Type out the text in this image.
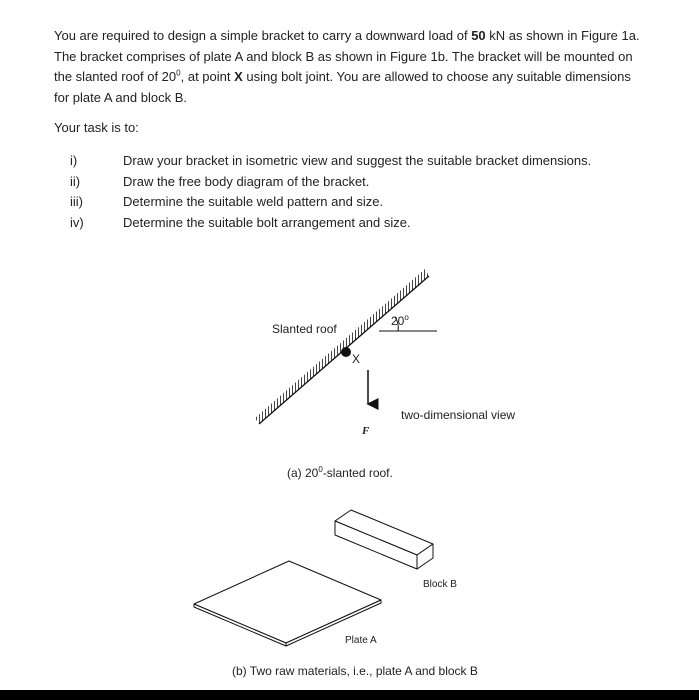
You are required to design a simple bracket to carry a downward load of 50 kN as shown in Figure 1a. The bracket comprises of plate A and block B as shown in Figure 1b. The bracket will be mounted on the slanted roof of $20^0$, at point X using bolt joint. You are allowed to choose any suitable dimensions for plate A and block B.
Your task is to:
i)	Draw your bracket in isometric view and suggest the suitable bracket dimensions.
ii)	Draw the free body diagram of the bracket.
iii)	Determine the suitable weld pattern and size.
iv)	Determine the suitable bolt arrangement and size.
20$^o$
Slanted roof
X
F
two-dimensional view
(a) $20^0$-slanted roof.
Block B
Plate A
(b) Two raw materials, i.e., plate A and block B
